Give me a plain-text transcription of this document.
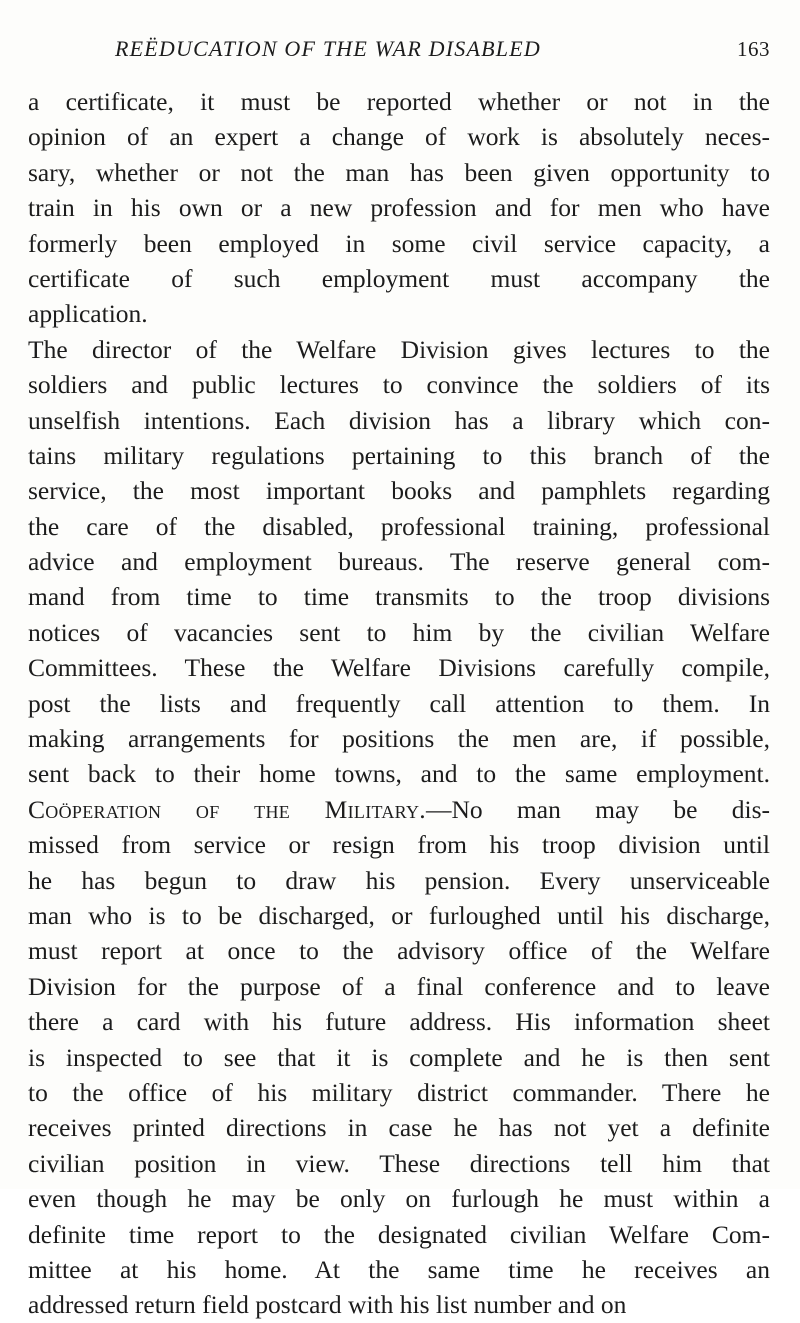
REËDUCATION OF THE WAR DISABLED	163
a certificate, it must be reported whether or not in the
opinion of an expert a change of work is absolutely neces-
sary, whether or not the man has been given opportunity to
train in his own or a new profession and for men who have
formerly been employed in some civil service capacity, a
certificate of such employment must accompany the
application.
The director of the Welfare Division gives lectures to the
soldiers and public lectures to convince the soldiers of its
unselfish intentions. Each division has a library which con-
tains military regulations pertaining to this branch of the
service, the most important books and pamphlets regarding
the care of the disabled, professional training, professional
advice and employment bureaus. The reserve general com-
mand from time to time transmits to the troop divisions
notices of vacancies sent to him by the civilian Welfare
Committees. These the Welfare Divisions carefully compile,
post the lists and frequently call attention to them. In
making arrangements for positions the men are, if possible,
sent back to their home towns, and to the same employment.
Coöperation of the Military.—No man may be dis-
missed from service or resign from his troop division until
he has begun to draw his pension. Every unserviceable
man who is to be discharged, or furloughed until his discharge,
must report at once to the advisory office of the Welfare
Division for the purpose of a final conference and to leave
there a card with his future address. His information sheet
is inspected to see that it is complete and he is then sent
to the office of his military district commander. There he
receives printed directions in case he has not yet a definite
civilian position in view. These directions tell him that
even though he may be only on furlough he must within a
definite time report to the designated civilian Welfare Com-
mittee at his home. At the same time he receives an
addressed return field postcard with his list number and on
